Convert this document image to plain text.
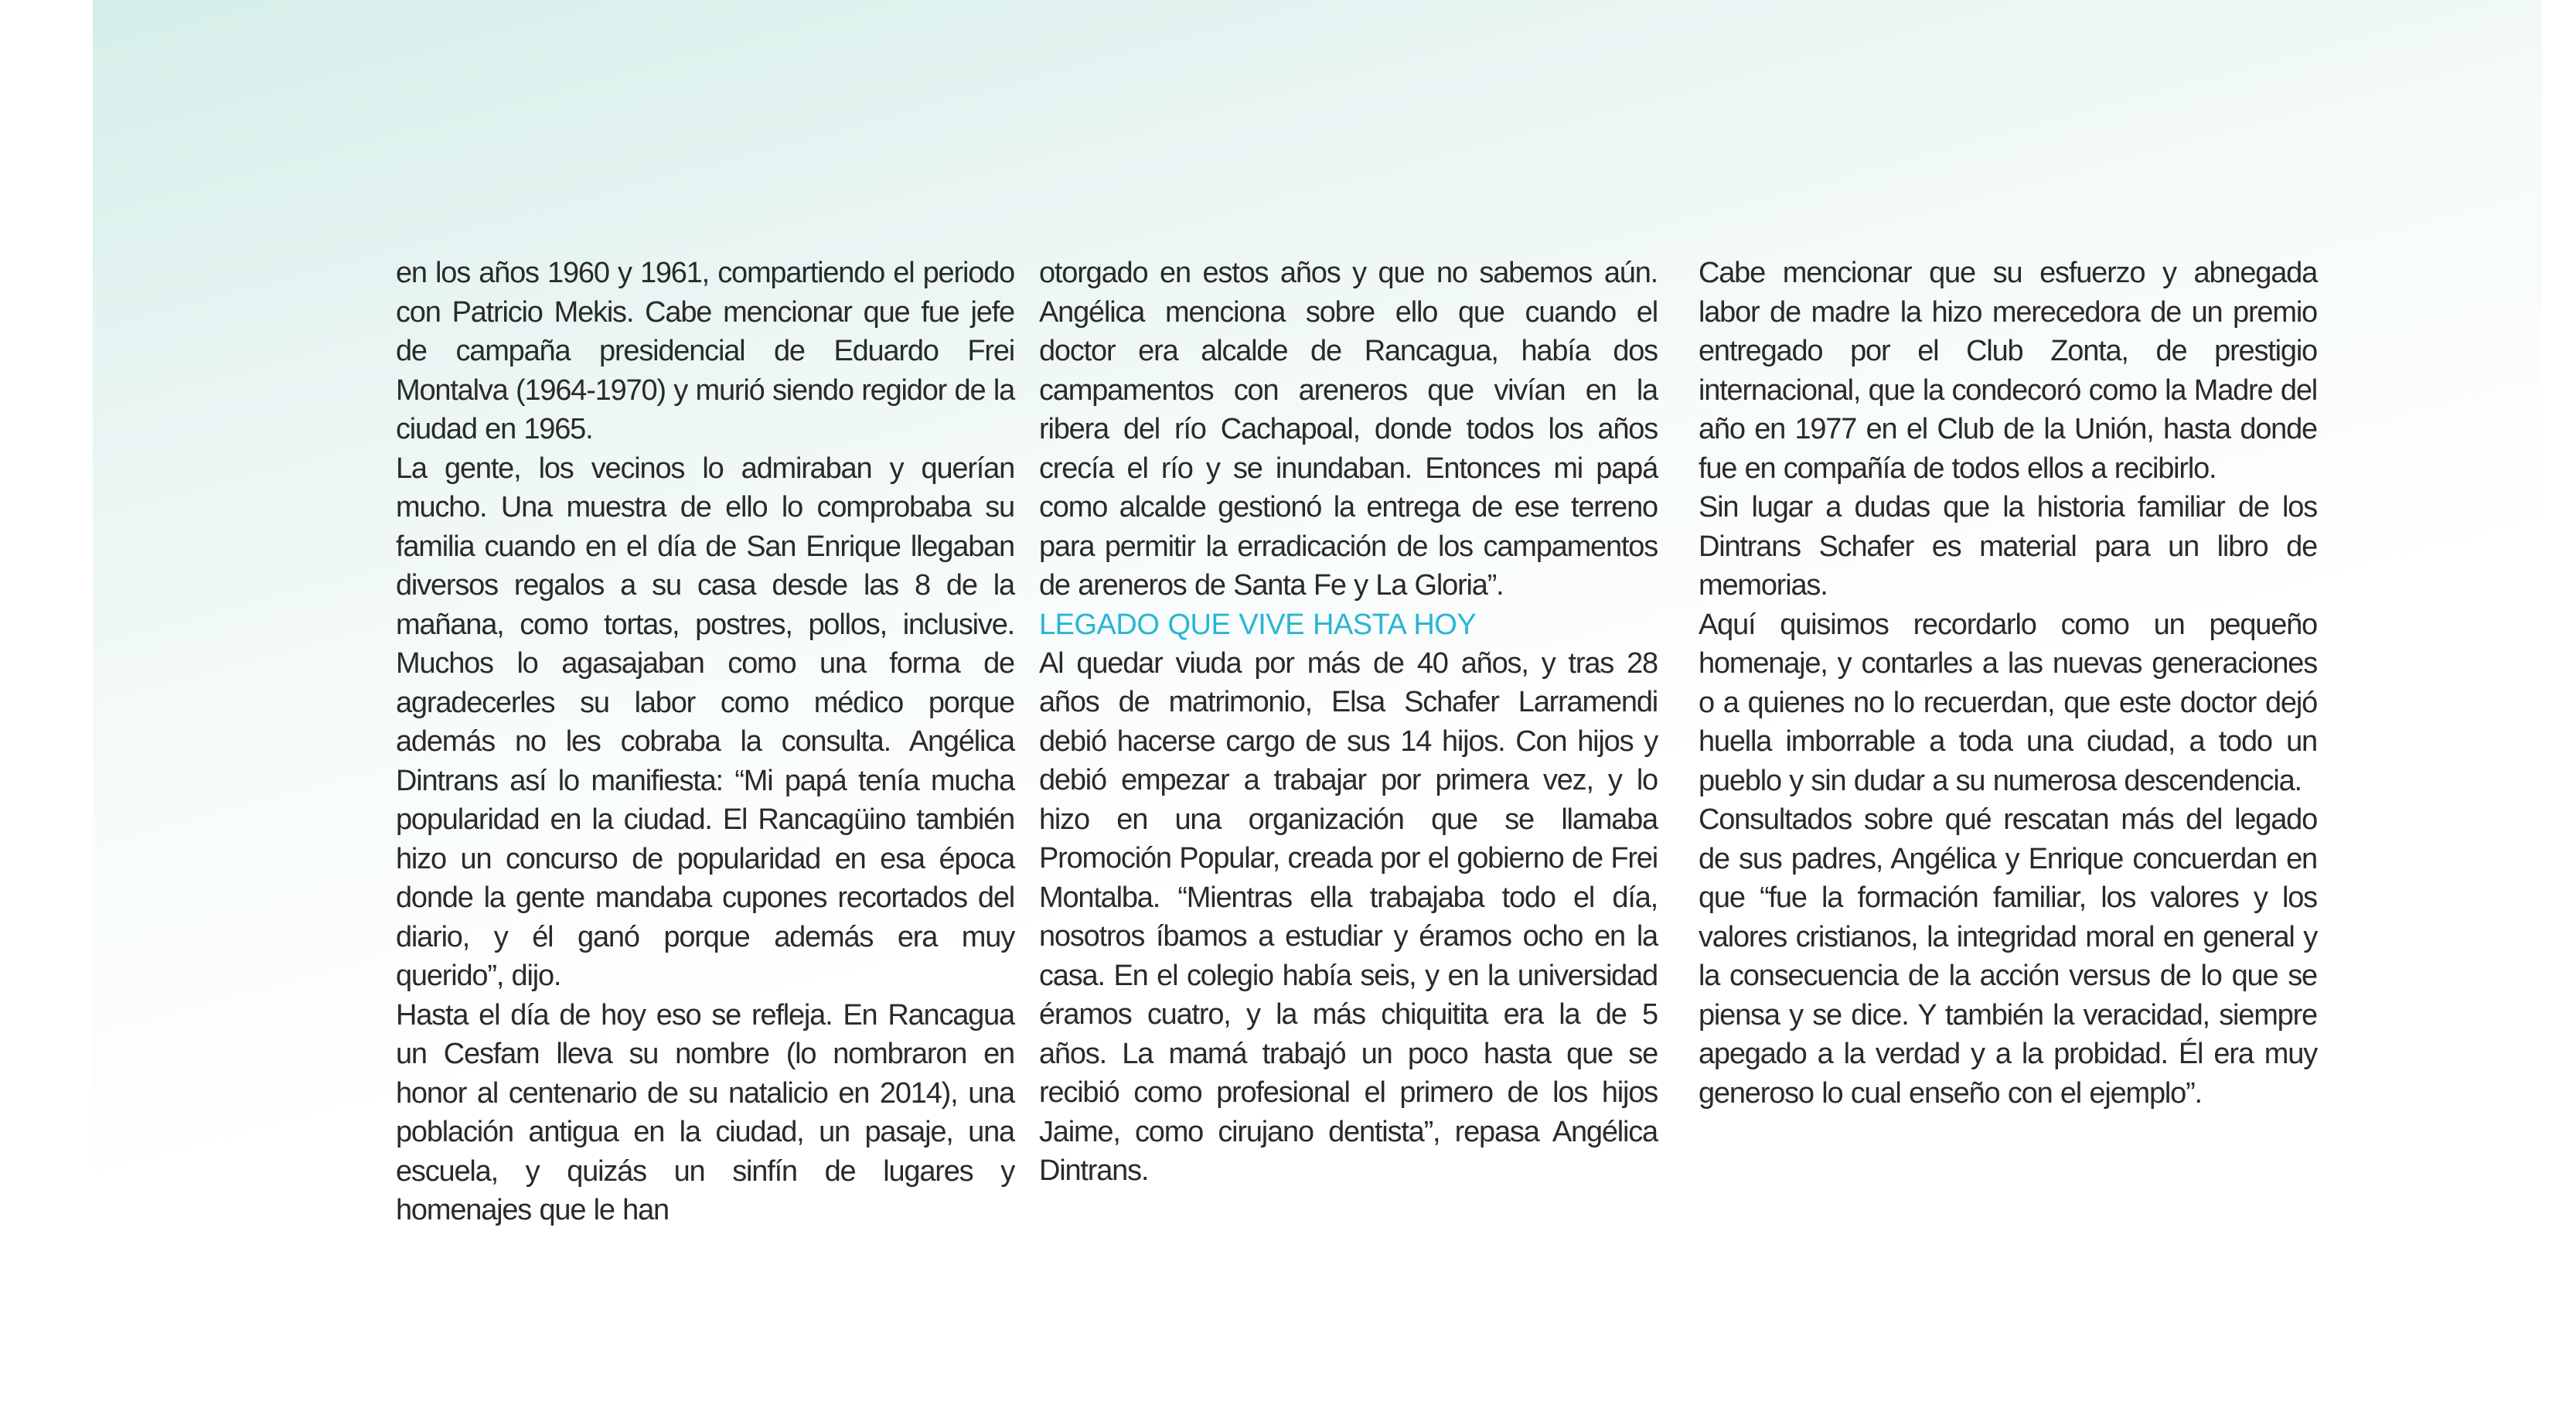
en los años 1960 y 1961, compartiendo el periodo con Patricio Mekis. Cabe mencionar que fue jefe de campaña presidencial de Eduardo Frei Montalva (1964-1970) y murió siendo regidor de la ciudad en 1965.

La gente, los vecinos lo admiraban y querían mucho. Una muestra de ello lo comprobaba su familia cuando en el día de San Enrique llegaban diversos regalos a su casa desde las 8 de la mañana, como tortas, postres, pollos, inclusive. Muchos lo agasajaban como una forma de agradecerles su labor como médico porque además no les cobraba la consulta. Angélica Dintrans así lo manifiesta: “Mi papá tenía mucha popularidad en la ciudad. El Rancagüino también hizo un concurso de popularidad en esa época donde la gente mandaba cupones recortados del diario, y él ganó porque además era muy querido”, dijo.

Hasta el día de hoy eso se refleja. En Rancagua un Cesfam lleva su nombre (lo nombraron en honor al centenario de su natalicio en 2014), una población antigua en la ciudad, un pasaje, una escuela, y quizás un sinfín de lugares y homenajes que le han

otorgado en estos años y que no sabemos aún. Angélica menciona sobre ello que cuando el doctor era alcalde de Rancagua, había dos campamentos con areneros que vivían en la ribera del río Cachapoal, donde todos los años crecía el río y se inundaban. Entonces mi papá como alcalde gestionó la entrega de ese terreno para permitir la erradicación de los campamentos de areneros de Santa Fe y La Gloria”.

LEGADO QUE VIVE HASTA HOY

Al quedar viuda por más de 40 años, y tras 28 años de matrimonio, Elsa Schafer Larramendi debió hacerse cargo de sus 14 hijos. Con hijos y debió empezar a trabajar por primera vez, y lo hizo en una organización que se llamaba Promoción Popular, creada por el gobierno de Frei Montalba. “Mientras ella trabajaba todo el día, nosotros íbamos a estudiar y éramos ocho en la casa. En el colegio había seis, y en la universidad éramos cuatro, y la más chiquitita era la de 5 años. La mamá trabajó un poco hasta que se recibió como profesional el primero de los hijos Jaime, como cirujano dentista”, repasa Angélica Dintrans.

Cabe mencionar que su esfuerzo y abnegada labor de madre la hizo merecedora de un premio entregado por el Club Zonta, de prestigio internacional, que la condecoró como la Madre del año en 1977 en el Club de la Unión, hasta donde fue en compañía de todos ellos a recibirlo.

Sin lugar a dudas que la historia familiar de los Dintrans Schafer es material para un libro de memorias.

Aquí quisimos recordarlo como un pequeño homenaje, y contarles a las nuevas generaciones o a quienes no lo recuerdan, que este doctor dejó huella imborrable a toda una ciudad, a todo un pueblo y sin dudar a su numerosa descendencia.

Consultados sobre qué rescatan más del legado de sus padres, Angélica y Enrique concuerdan en que “fue la formación familiar, los valores y los valores cristianos, la integridad moral en general y la consecuencia de la acción versus de lo que se piensa y se dice. Y también la veracidad, siempre apegado a la verdad y a la probidad. Él era muy generoso lo cual enseño con el ejemplo”.
